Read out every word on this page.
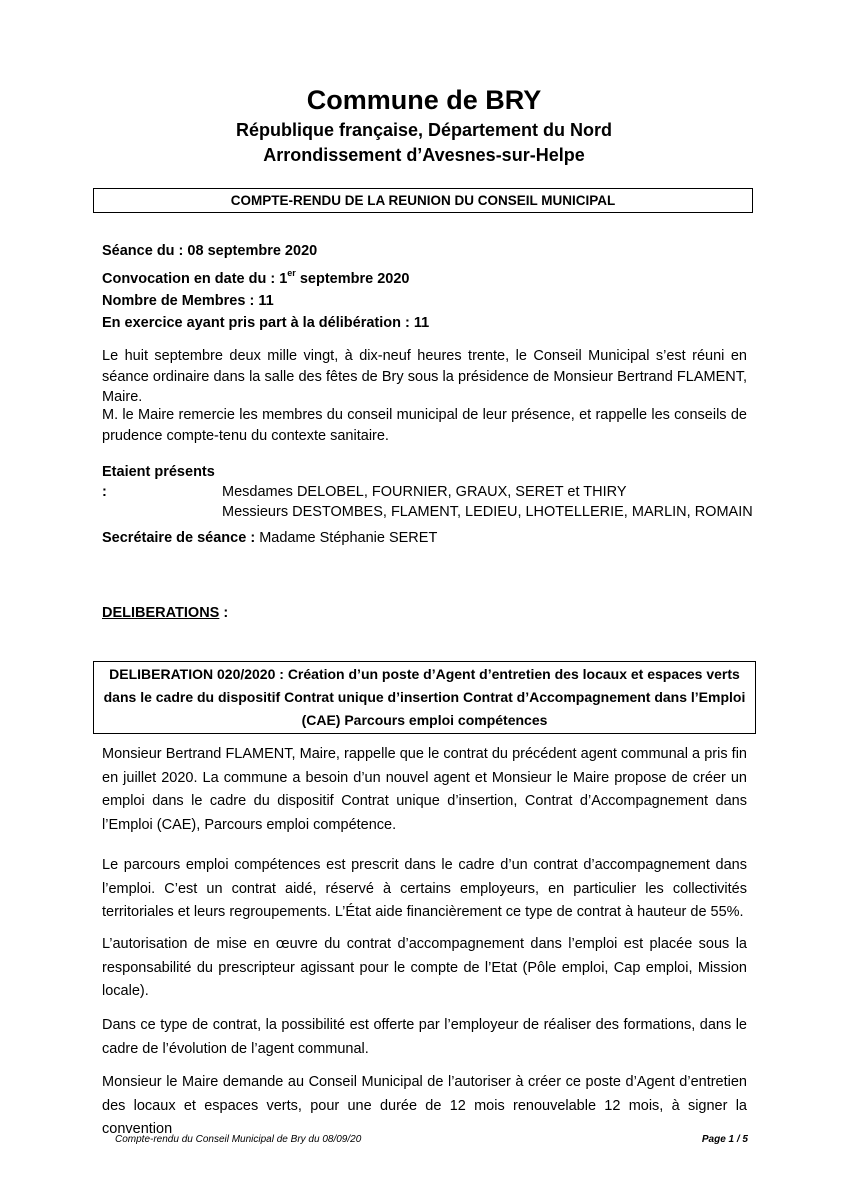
Commune de BRY
République française, Département du Nord
Arrondissement d’Avesnes-sur-Helpe
COMPTE-RENDU DE LA REUNION DU CONSEIL MUNICIPAL
Séance du : 08 septembre 2020
Convocation en date du : 1er septembre 2020
Nombre de Membres : 11
En exercice ayant pris part à la délibération : 11

Le huit septembre deux mille vingt, à dix-neuf heures trente, le Conseil Municipal s’est réuni en séance ordinaire dans la salle des fêtes de Bry sous la présidence de Monsieur Bertrand FLAMENT, Maire.

M. le Maire remercie les membres du conseil municipal de leur présence, et rappelle les conseils de prudence compte-tenu du contexte sanitaire.

Etaient présents :	Mesdames DELOBEL, FOURNIER, GRAUX, SERET et THIRY
Messieurs DESTOMBES, FLAMENT, LEDIEU, LHOTELLERIE, MARLIN, ROMAIN
Secrétaire de séance : Madame Stéphanie SERET
DELIBERATIONS :
DELIBERATION 020/2020 : Création d’un poste d’Agent d’entretien des locaux et espaces verts dans le cadre du dispositif Contrat unique d’insertion Contrat d’Accompagnement dans l’Emploi (CAE) Parcours emploi compétences

Monsieur Bertrand FLAMENT, Maire, rappelle que le contrat du précédent agent communal a pris fin en juillet 2020. La commune a besoin d’un nouvel agent et Monsieur le Maire propose de créer un emploi dans le cadre du dispositif Contrat unique d’insertion, Contrat d’Accompagnement dans l’Emploi (CAE), Parcours emploi compétence.

Le parcours emploi compétences est prescrit dans le cadre d’un contrat d’accompagnement dans l’emploi. C’est un contrat aidé, réservé à certains employeurs, en particulier les collectivités territoriales et leurs regroupements. L’État aide financièrement ce type de contrat à hauteur de 55%.

L’autorisation de mise en œuvre du contrat d’accompagnement dans l’emploi est placée sous la responsabilité du prescripteur agissant pour le compte de l’Etat (Pôle emploi, Cap emploi, Mission locale).

Dans ce type de contrat, la possibilité est offerte par l’employeur de réaliser des formations, dans le cadre de l’évolution de l’agent communal.

Monsieur le Maire demande au Conseil Municipal de l’autoriser à créer ce poste d’Agent d’entretien des locaux et espaces verts, pour une durée de 12 mois renouvelable 12 mois, à signer la convention

Compte-rendu du Conseil Municipal de Bry du 08/09/20	Page 1 / 5
